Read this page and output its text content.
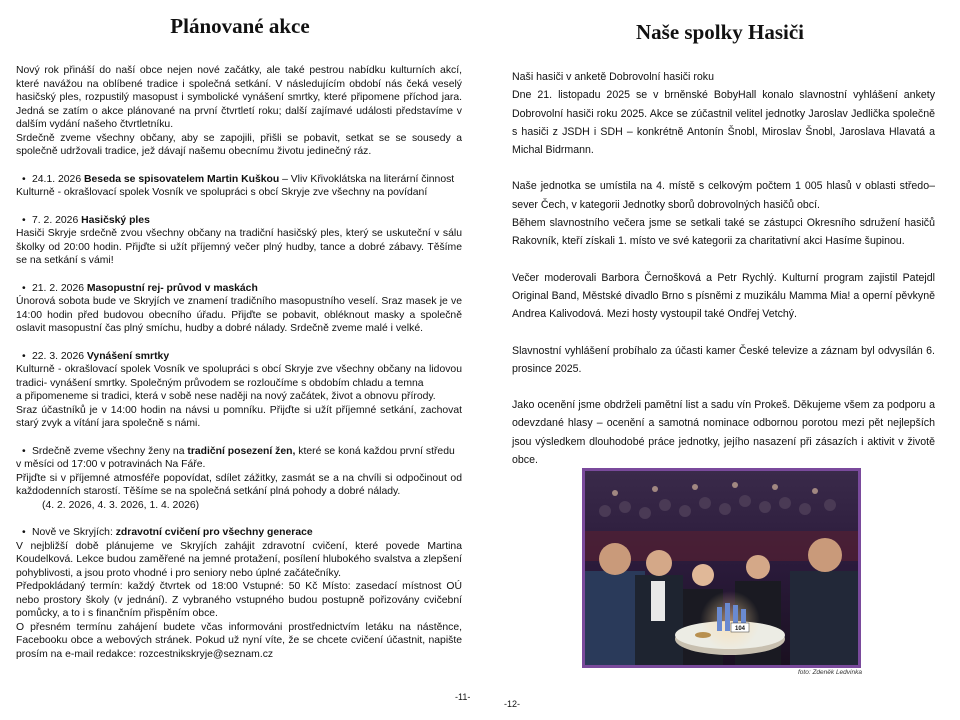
Plánované akce

Nový rok přináší do naší obce nejen nové začátky, ale také pestrou nabídku kulturních akcí, které navážou na oblíbené tradice i společná setkání. V následujícím období nás čeká veselý hasičský ples, rozpustilý masopust i symbolické vynášení smrtky, které připomene příchod jara. Jedná se zatím o akce plánované na první čtvrtletí roku; další zajímavé události představíme v dalším vydání našeho čtvrtletníku.

Srdečně zveme všechny občany, aby se zapojili, přišli se pobavit, setkat se se sousedy a společně udržovali tradice, jež dávají našemu obecnímu životu jedinečný ráz.

• 24.1. 2026 Beseda se spisovatelem Martin Kuškou – Vliv Křivoklátska na literární činnost

Kulturně - okrašlovací spolek Vosník ve spolupráci s obcí Skryje zve všechny na povídaní

• 7. 2. 2026 Hasičský ples

Hasiči Skryje srdečně zvou všechny občany na tradiční hasičský ples, který se uskuteční v sálu školky od 20:00 hodin. Přijďte si užít příjemný večer plný hudby, tance a dobré zábavy. Těšíme se na setkání s vámi!

• 21. 2. 2026 Masopustní rej- průvod v maskách

Únorová sobota bude ve Skryjích ve znamení tradičního masopustního veselí. Sraz masek je ve 14:00 hodin před budovou obecního úřadu. Přijďte se pobavit, obléknout masky a společně oslavit masopustní čas plný smíchu, hudby a dobré nálady. Srdečně zveme malé i velké.

• 22. 3. 2026 Vynášení smrtky

Kulturně - okrašlovací spolek Vosník ve spolupráci s obcí Skryje zve všechny občany na lidovou tradici- vynášení smrtky. Společným průvodem se rozloučíme s obdobím chladu a temna

a připomeneme si tradici, která v sobě nese naději na nový začátek, život a obnovu přírody.

Sraz účastníků je v 14:00 hodin na návsi u pomníku. Přijďte si užít příjemné setkání, zachovat starý zvyk a vítání jara společně s námi.

• Srdečně zveme všechny ženy na tradiční posezení žen, které se koná každou první středu

v měsíci od 17:00 v potravinách Na Fáře.

Přijďte si v příjemné atmosféře popovídat, sdílet zážitky, zasmát se a na chvíli si odpočinout od každodenních starostí. Těšíme se na společná setkání plná pohody a dobré nálady.

(4. 2. 2026, 4. 3. 2026, 1. 4. 2026)

• Nově ve Skryjích: zdravotní cvičení pro všechny generace

V nejbližší době plánujeme ve Skryjích zahájit zdravotní cvičení, které povede Martina Koudelková. Lekce budou zaměřené na jemné protažení, posílení hlubokého svalstva a zlepšení pohyblivosti, a jsou proto vhodné i pro seniory nebo úplné začátečníky.

Předpokládaný termín: každý čtvrtek od 18:00 Vstupné: 50 Kč Místo: zasedací místnost OÚ nebo prostory školy (v jednání). Z vybraného vstupného budou postupně pořizovány cvičební pomůcky, a to i s finančním přispěním obce.

O přesném termínu zahájení budete včas informováni prostřednictvím letáku na nástěnce, Facebooku obce a webových stránek. Pokud už nyní víte, že se chcete cvičení účastnit, napište prosím na e-mail redakce: rozcestnikskryje@seznam.cz

-11-
Naše spolky Hasiči

Naši hasiči v anketě Dobrovolní hasiči roku

Dne 21. listopadu 2025 se v brněnské BobyHall konalo slavnostní vyhlášení ankety Dobrovolní hasiči roku 2025. Akce se zúčastnil velitel jednotky Jaroslav Jedlička společně s hasiči z JSDH i SDH – konkrétně Antonín Šnobl, Miroslav Šnobl, Jaroslava Hlavatá a Michal Bidrmann.

Naše jednotka se umístila na 4. místě s celkovým počtem 1 005 hlasů v oblasti středo–sever Čech, v kategorii Jednotky sborů dobrovolných hasičů obcí.

Během slavnostního večera jsme se setkali také se zástupci Okresního sdružení hasičů Rakovník, kteří získali 1. místo ve své kategorii za charitativní akci Hasíme šupinou.

Večer moderovali Barbora Černošková a Petr Rychlý. Kulturní program zajistil Patejdl Original Band, Městské divadlo Brno s písněmi z muzikálu Mamma Mia! a operní pěvkyně Andrea Kalivodová. Mezi hosty vystoupil také Ondřej Vetchý.

Slavnostní vyhlášení probíhalo za účasti kamer České televize a záznam byl odvysílán 6. prosince 2025.

Jako ocenění jsme obdrželi pamětní list a sadu vín Prokeš. Děkujeme všem za podporu a odevzdané hlasy – ocenění a samotná nominace odbornou porotou mezi pět nejlepších jsou výsledkem dlouhodobé práce jednotky, jejího nasazení při zásazích i aktivit v životě obce.

-12-
104
foto: Zdeněk Ledvinka
